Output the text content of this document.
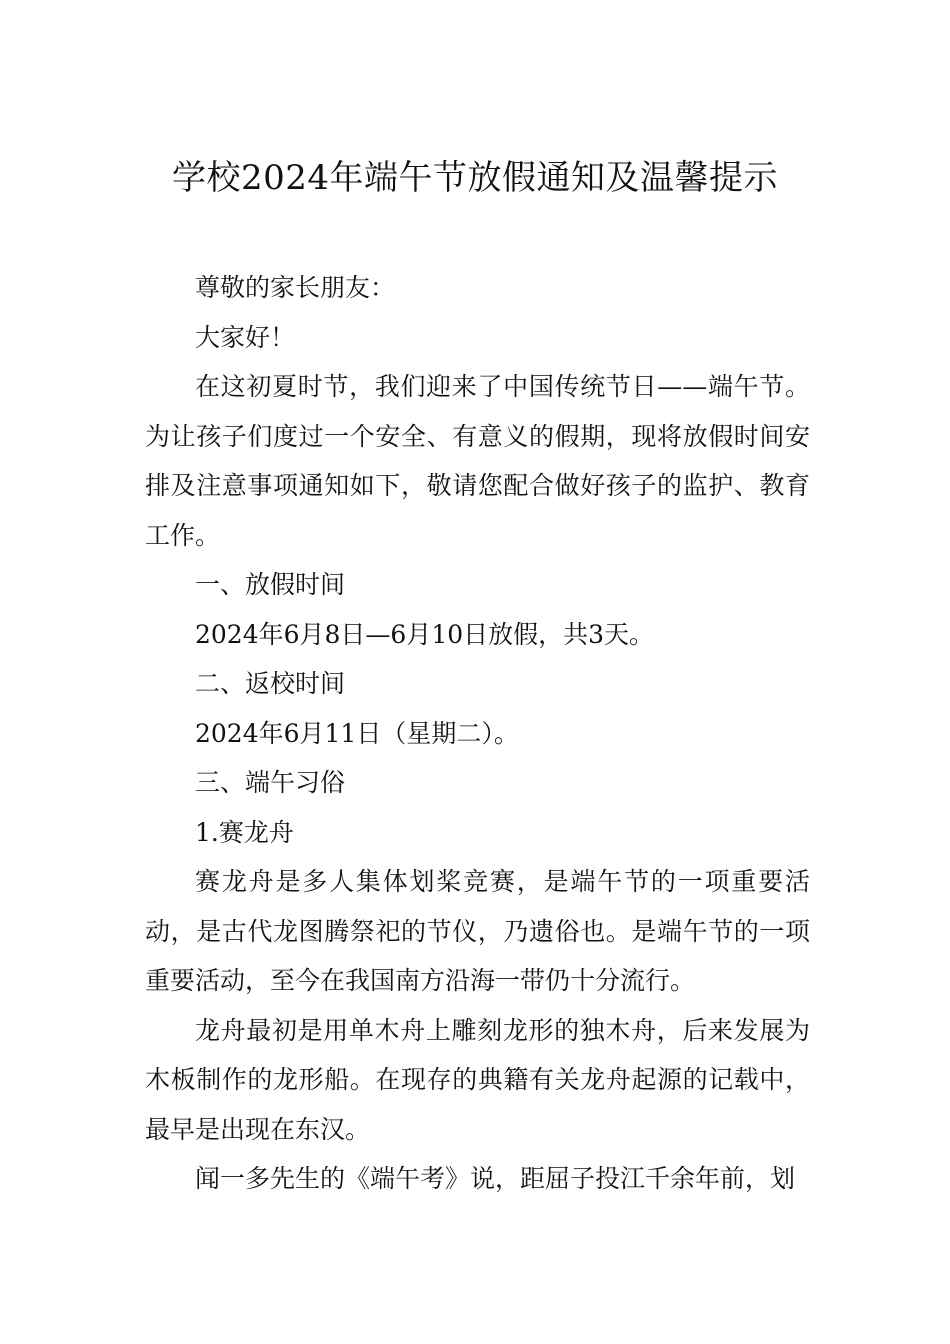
学校2024年端午节放假通知及温馨提示

尊敬的家长朋友：

大家好！

在这初夏时节，我们迎来了中国传统节日——端午节。为让孩子们度过一个安全、有意义的假期，现将放假时间安排及注意事项通知如下，敬请您配合做好孩子的监护、教育工作。

一、放假时间

2024年6月8日—6月10日放假，共3天。

二、返校时间

2024年6月11日（星期二）。

三、端午习俗

1.赛龙舟

赛龙舟是多人集体划桨竞赛，是端午节的一项重要活动，是古代龙图腾祭祀的节仪，乃遗俗也。是端午节的一项重要活动，至今在我国南方沿海一带仍十分流行。

龙舟最初是用单木舟上雕刻龙形的独木舟，后来发展为木板制作的龙形船。在现存的典籍有关龙舟起源的记载中，最早是出现在东汉。

闻一多先生的《端午考》说，距屈子投江千余年前，划
